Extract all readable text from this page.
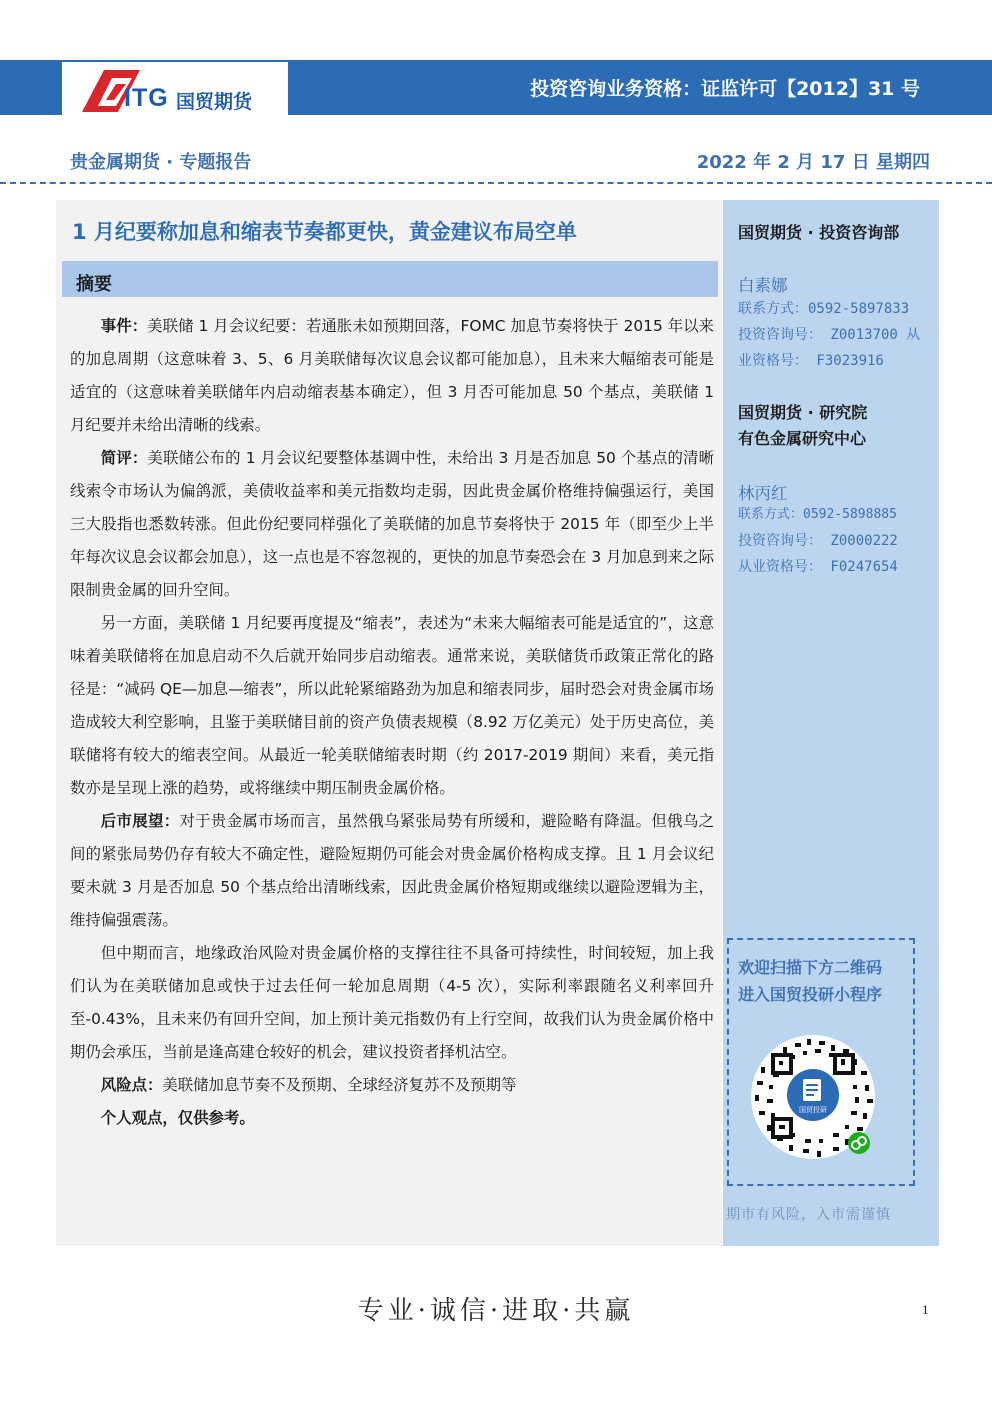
ITG 国贸期货
投资咨询业务资格：证监许可【2012】31 号
贵金属期货 · 专题报告	2022 年 2 月 17 日 星期四
1 月纪要称加息和缩表节奏都更快，黄金建议布局空单
摘要

事件：美联储 1 月会议纪要：若通胀未如预期回落，FOMC 加息节奏将快于 2015 年以来的加息周期（这意味着 3、5、6 月美联储每次议息会议都可能加息），且未来大幅缩表可能是适宜的（这意味着美联储年内启动缩表基本确定），但 3 月否可能加息 50 个基点，美联储 1 月纪要并未给出清晰的线索。

简评：美联储公布的 1 月会议纪要整体基调中性，未给出 3 月是否加息 50 个基点的清晰线索令市场认为偏鸽派，美债收益率和美元指数均走弱，因此贵金属价格维持偏强运行，美国三大股指也悉数转涨。但此份纪要同样强化了美联储的加息节奏将快于 2015 年（即至少上半年每次议息会议都会加息），这一点也是不容忽视的，更快的加息节奏恐会在 3 月加息到来之际限制贵金属的回升空间。

另一方面，美联储 1 月纪要再度提及“缩表”，表述为“未来大幅缩表可能是适宜的”，这意味着美联储将在加息启动不久后就开始同步启动缩表。通常来说，美联储货币政策正常化的路径是：“减码 QE—加息—缩表”，所以此轮紧缩路劲为加息和缩表同步，届时恐会对贵金属市场造成较大利空影响，且鉴于美联储目前的资产负债表规模（8.92 万亿美元）处于历史高位，美联储将有较大的缩表空间。从最近一轮美联储缩表时期（约 2017-2019 期间）来看，美元指数亦是呈现上涨的趋势，或将继续中期压制贵金属价格。

后市展望：对于贵金属市场而言，虽然俄乌紧张局势有所缓和，避险略有降温。但俄乌之间的紧张局势仍存有较大不确定性，避险短期仍可能会对贵金属价格构成支撑。且 1 月会议纪要未就 3 月是否加息 50 个基点给出清晰线索，因此贵金属价格短期或继续以避险逻辑为主，维持偏强震荡。

但中期而言，地缘政治风险对贵金属价格的支撑往往不具备可持续性，时间较短，加上我们认为在美联储加息或快于过去任何一轮加息周期（4-5 次），实际利率跟随名义利率回升至-0.43%，且未来仍有回升空间，加上预计美元指数仍有上行空间，故我们认为贵金属价格中期仍会承压，当前是逢高建仓较好的机会，建议投资者择机沽空。

风险点：美联储加息节奏不及预期、全球经济复苏不及预期等

个人观点，仅供参考。

国贸期货 · 投资咨询部
白素娜
联系方式：0592-5897833 投资咨询号： Z0013700 从业资格号： F3023916
国贸期货 · 研究院
有色金属研究中心
林丙红
联系方式：0592-5898885
投资咨询号： Z0000222
从业资格号： F0247654
欢迎扫描下方二维码
进入国贸投研小程序
国贸投研
期市有风险，入市需谨慎
专业·诚信·进取·共赢	1
